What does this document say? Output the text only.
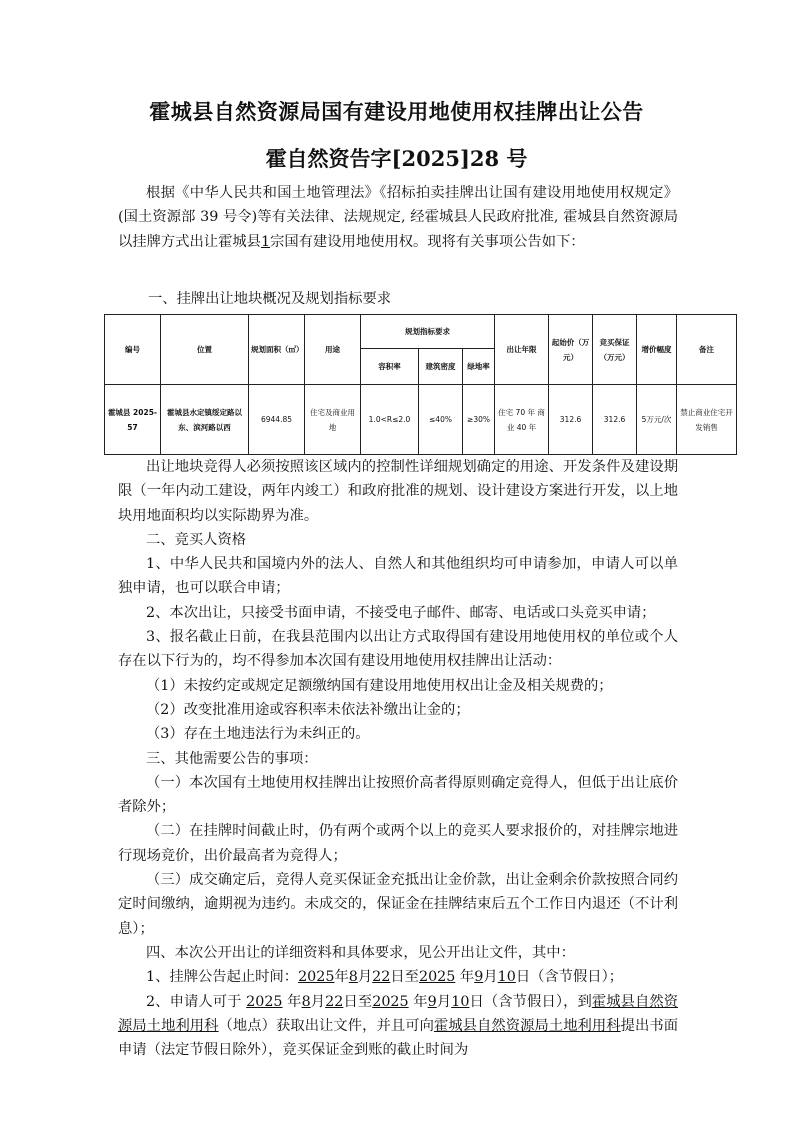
霍城县自然资源局国有建设用地使用权挂牌出让公告
霍自然资告字[2025]28 号

根据《中华人民共和国土地管理法》《招标拍卖挂牌出让国有建设用地使用权规定》(国土资源部 39 号令)等有关法律、法规规定, 经霍城县人民政府批准, 霍城县自然资源局以挂牌方式出让霍城县1宗国有建设用地使用权。现将有关事项公告如下：

一、挂牌出让地块概况及规划指标要求
编号	位置	规划面积（㎡）	用途	规划指标要求			出让年限	起始价（万元）	竞买保证（万元）	增价幅度	备注
				容积率	建筑密度	绿地率					
霍城县 2025-57	霍城县水定镇绥定路以东、滨河路以西	6944.85	住宅及商业用地	1.0<R≤2.0	≤40%	≥30%	住宅 70 年 商业 40 年	312.6	312.6	5万元/次	禁止商业住宅开发销售

出让地块竞得人必须按照该区域内的控制性详细规划确定的用途、开发条件及建设期限（一年内动工建设，两年内竣工）和政府批准的规划、设计建设方案进行开发，以上地块用地面积均以实际勘界为准。

二、竞买人资格

1、中华人民共和国境内外的法人、自然人和其他组织均可申请参加，申请人可以单独申请，也可以联合申请；

2、本次出让，只接受书面申请，不接受电子邮件、邮寄、电话或口头竞买申请；

3、报名截止日前，在我县范围内以出让方式取得国有建设用地使用权的单位或个人存在以下行为的，均不得参加本次国有建设用地使用权挂牌出让活动：

（1）未按约定或规定足额缴纳国有建设用地使用权出让金及相关规费的；

（2）改变批准用途或容积率未依法补缴出让金的；

（3）存在土地违法行为未纠正的。

三、其他需要公告的事项：

（一）本次国有土地使用权挂牌出让按照价高者得原则确定竞得人，但低于出让底价者除外；

（二）在挂牌时间截止时，仍有两个或两个以上的竞买人要求报价的，对挂牌宗地进行现场竞价，出价最高者为竞得人；

（三）成交确定后，竞得人竞买保证金充抵出让金价款，出让金剩余价款按照合同约定时间缴纳，逾期视为违约。未成交的，保证金在挂牌结束后五个工作日内退还（不计利息）；

四、本次公开出让的详细资料和具体要求，见公开出让文件，其中：

1、挂牌公告起止时间：2025年8月22日至2025 年9月10日（含节假日）；

2、申请人可于 2025 年8月22日至2025 年9月10日（含节假日），到霍城县自然资源局土地利用科（地点）获取出让文件，并且可向霍城县自然资源局土地利用科提出书面申请（法定节假日除外），竞买保证金到账的截止时间为
